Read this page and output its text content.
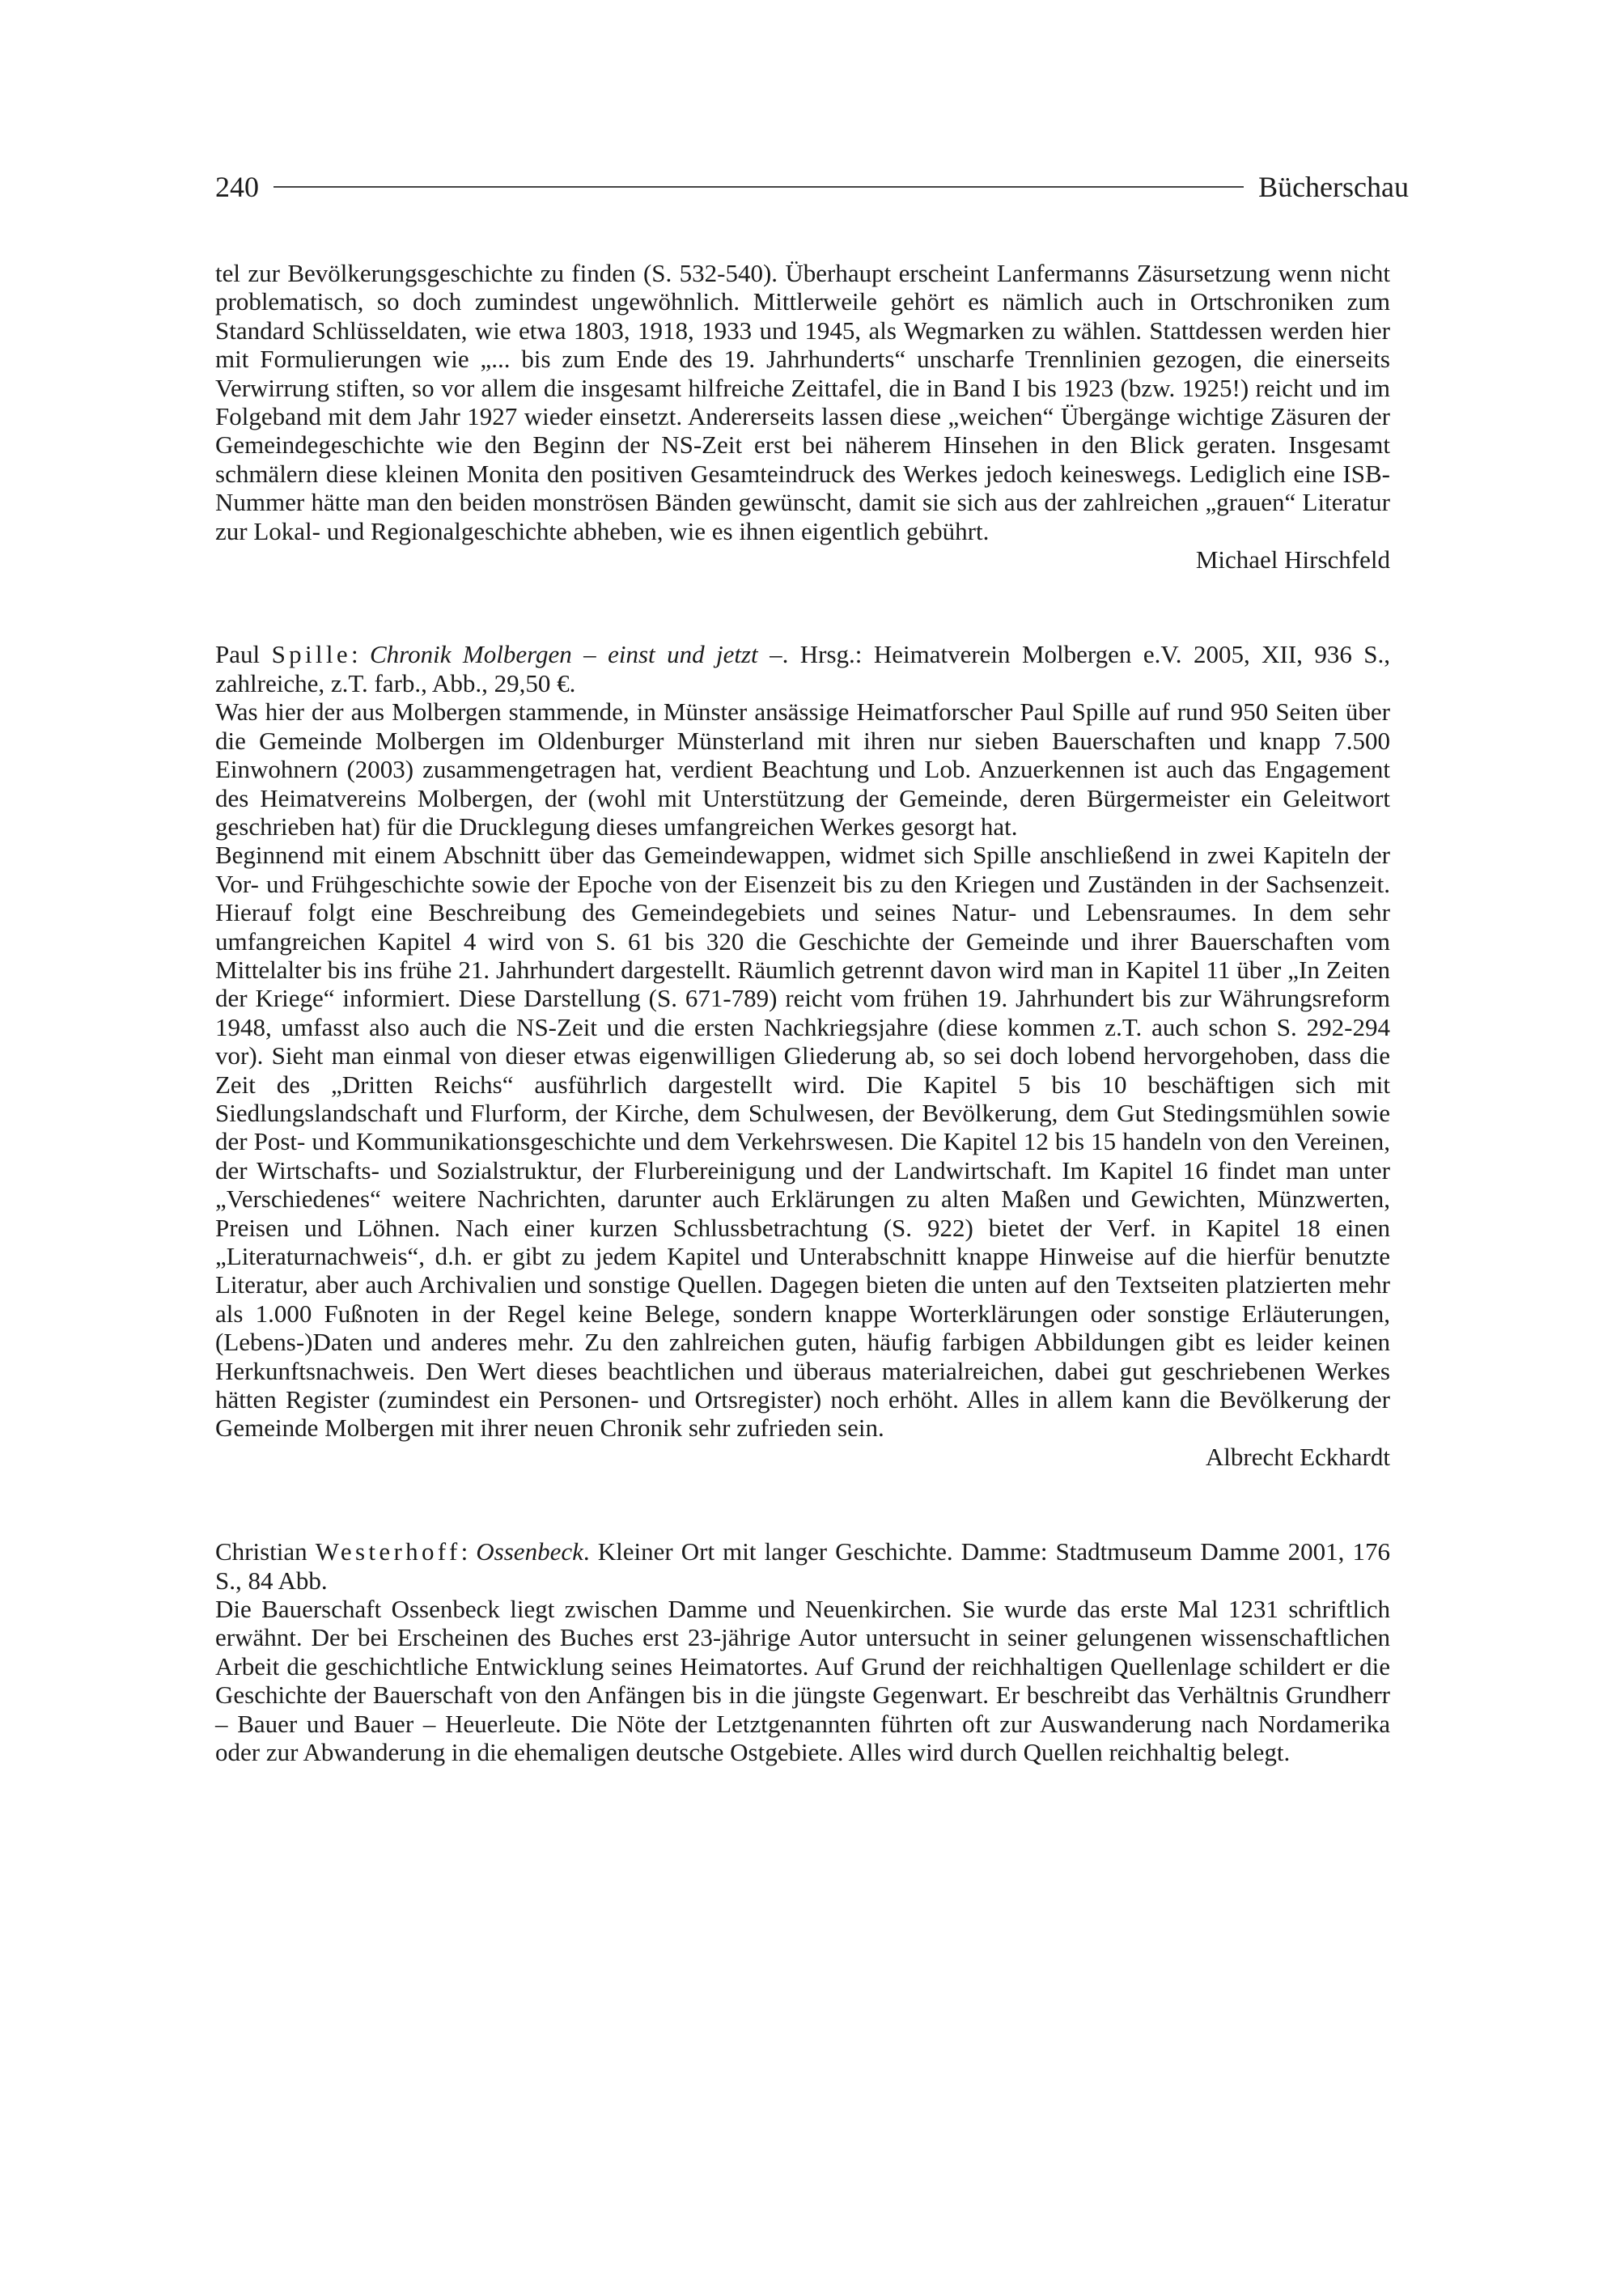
240	Bücherschau

tel zur Bevölkerungsgeschichte zu finden (S. 532-540). Überhaupt erscheint Lanfermanns Zäsursetzung wenn nicht problematisch, so doch zumindest ungewöhnlich. Mittlerweile gehört es nämlich auch in Ortschroniken zum Standard Schlüsseldaten, wie etwa 1803, 1918, 1933 und 1945, als Wegmarken zu wählen. Stattdessen werden hier mit Formulierungen wie „... bis zum Ende des 19. Jahrhunderts“ unscharfe Trennlinien gezogen, die einerseits Verwirrung stiften, so vor allem die insgesamt hilfreiche Zeittafel, die in Band I bis 1923 (bzw. 1925!) reicht und im Folgeband mit dem Jahr 1927 wieder einsetzt. Andererseits lassen diese „weichen“ Übergänge wichtige Zäsuren der Gemeindegeschichte wie den Beginn der NS-Zeit erst bei näherem Hinsehen in den Blick geraten. Insgesamt schmälern diese kleinen Monita den positiven Gesamteindruck des Werkes jedoch keineswegs. Lediglich eine ISB-Nummer hätte man den beiden monströsen Bänden gewünscht, damit sie sich aus der zahlreichen „grauen“ Literatur zur Lokal- und Regionalgeschichte abheben, wie es ihnen eigentlich gebührt.

Michael Hirschfeld

Paul Spille: Chronik Molbergen – einst und jetzt –. Hrsg.: Heimatverein Molbergen e.V. 2005, XII, 936 S., zahlreiche, z.T. farb., Abb., 29,50 €.

Was hier der aus Molbergen stammende, in Münster ansässige Heimatforscher Paul Spille auf rund 950 Seiten über die Gemeinde Molbergen im Oldenburger Münsterland mit ihren nur sieben Bauerschaften und knapp 7.500 Einwohnern (2003) zusammengetragen hat, verdient Beachtung und Lob. Anzuerkennen ist auch das Engagement des Heimatvereins Molbergen, der (wohl mit Unterstützung der Gemeinde, deren Bürgermeister ein Geleitwort geschrieben hat) für die Drucklegung dieses umfangreichen Werkes gesorgt hat.

Beginnend mit einem Abschnitt über das Gemeindewappen, widmet sich Spille anschließend in zwei Kapiteln der Vor- und Frühgeschichte sowie der Epoche von der Eisenzeit bis zu den Kriegen und Zuständen in der Sachsenzeit. Hierauf folgt eine Beschreibung des Gemeindegebiets und seines Natur- und Lebensraumes. In dem sehr umfangreichen Kapitel 4 wird von S. 61 bis 320 die Geschichte der Gemeinde und ihrer Bauerschaften vom Mittelalter bis ins frühe 21. Jahrhundert dargestellt. Räumlich getrennt davon wird man in Kapitel 11 über „In Zeiten der Kriege“ informiert. Diese Darstellung (S. 671-789) reicht vom frühen 19. Jahrhundert bis zur Währungsreform 1948, umfasst also auch die NS-Zeit und die ersten Nachkriegsjahre (diese kommen z.T. auch schon S. 292-294 vor). Sieht man einmal von dieser etwas eigenwilligen Gliederung ab, so sei doch lobend hervorgehoben, dass die Zeit des „Dritten Reichs“ ausführlich dargestellt wird. Die Kapitel 5 bis 10 beschäftigen sich mit Siedlungslandschaft und Flurform, der Kirche, dem Schulwesen, der Bevölkerung, dem Gut Stedingsmühlen sowie der Post- und Kommunikationsgeschichte und dem Verkehrswesen. Die Kapitel 12 bis 15 handeln von den Vereinen, der Wirtschafts- und Sozialstruktur, der Flurbereinigung und der Landwirtschaft. Im Kapitel 16 findet man unter „Verschiedenes“ weitere Nachrichten, darunter auch Erklärungen zu alten Maßen und Gewichten, Münzwerten, Preisen und Löhnen. Nach einer kurzen Schlussbetrachtung (S. 922) bietet der Verf. in Kapitel 18 einen „Literaturnachweis“, d.h. er gibt zu jedem Kapitel und Unterabschnitt knappe Hinweise auf die hierfür benutzte Literatur, aber auch Archivalien und sonstige Quellen. Dagegen bieten die unten auf den Textseiten platzierten mehr als 1.000 Fußnoten in der Regel keine Belege, sondern knappe Worterklärungen oder sonstige Erläuterungen, (Lebens-)Daten und anderes mehr. Zu den zahlreichen guten, häufig farbigen Abbildungen gibt es leider keinen Herkunftsnachweis. Den Wert dieses beachtlichen und überaus materialreichen, dabei gut geschriebenen Werkes hätten Register (zumindest ein Personen- und Ortsregister) noch erhöht. Alles in allem kann die Bevölkerung der Gemeinde Molbergen mit ihrer neuen Chronik sehr zufrieden sein.

Albrecht Eckhardt

Christian Westerhoff: Ossenbeck. Kleiner Ort mit langer Geschichte. Damme: Stadtmuseum Damme 2001, 176 S., 84 Abb.

Die Bauerschaft Ossenbeck liegt zwischen Damme und Neuenkirchen. Sie wurde das erste Mal 1231 schriftlich erwähnt. Der bei Erscheinen des Buches erst 23-jährige Autor untersucht in seiner gelungenen wissenschaftlichen Arbeit die geschichtliche Entwicklung seines Heimatortes. Auf Grund der reichhaltigen Quellenlage schildert er die Geschichte der Bauerschaft von den Anfängen bis in die jüngste Gegenwart. Er beschreibt das Verhältnis Grundherr – Bauer und Bauer – Heuerleute. Die Nöte der Letztgenannten führten oft zur Auswanderung nach Nordamerika oder zur Abwanderung in die ehemaligen deutsche Ostgebiete. Alles wird durch Quellen reichhaltig belegt.
